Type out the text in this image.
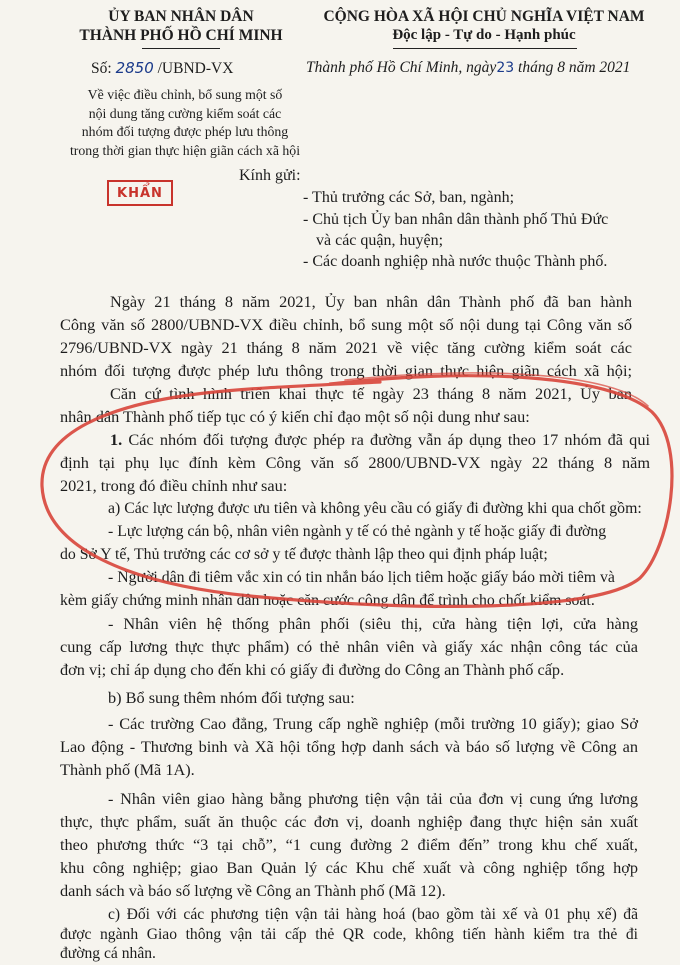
ỦY BAN NHÂN DÂN
THÀNH PHỐ HỒ CHÍ MINH
CỘNG HÒA XÃ HỘI CHỦ NGHĨA VIỆT NAM
Độc lập - Tự do - Hạnh phúc
Số: 2850 /UBND-VX	Thành phố Hồ Chí Minh, ngày23 tháng 8 năm 2021
Về việc điều chỉnh, bổ sung một số
nội dung tăng cường kiểm soát các
nhóm đối tượng được phép lưu thông
trong thời gian thực hiện giãn cách xã hội
KHẨN
Kính gửi:
- Thủ trưởng các Sở, ban, ngành;
- Chủ tịch Ủy ban nhân dân thành phố Thủ Đức
và các quận, huyện;
- Các doanh nghiệp nhà nước thuộc Thành phố.
Ngày 21 tháng 8 năm 2021, Ủy ban nhân dân Thành phố đã ban hành
Công văn số 2800/UBND-VX điều chỉnh, bổ sung một số nội dung tại Công văn số
2796/UBND-VX ngày 21 tháng 8 năm 2021 về việc tăng cường kiểm soát các
nhóm đối tượng được phép lưu thông trong thời gian thực hiện giãn cách xã hội;
Căn cứ tình hình triển khai thực tế ngày 23 tháng 8 năm 2021, Ủy ban
nhân dân Thành phố tiếp tục có ý kiến chỉ đạo một số nội dung như sau:
1. Các nhóm đối tượng được phép ra đường vẫn áp dụng theo 17 nhóm đã qui
định tại phụ lục đính kèm Công văn số 2800/UBND-VX ngày 22 tháng 8 năm
2021, trong đó điều chỉnh như sau:
a) Các lực lượng được ưu tiên và không yêu cầu có giấy đi đường khi qua chốt gồm:
- Lực lượng cán bộ, nhân viên ngành y tế có thẻ ngành y tế hoặc giấy đi đường
do Sở Y tế, Thủ trưởng các cơ sở y tế được thành lập theo qui định pháp luật;
- Người dân đi tiêm vắc xin có tin nhắn báo lịch tiêm hoặc giấy báo mời tiêm và
kèm giấy chứng minh nhân dân hoặc căn cước công dân để trình cho chốt kiểm soát.
- Nhân viên hệ thống phân phối (siêu thị, cửa hàng tiện lợi, cửa hàng
cung cấp lương thực thực phẩm) có thẻ nhân viên và giấy xác nhận công tác của
đơn vị; chỉ áp dụng cho đến khi có giấy đi đường do Công an Thành phố cấp.
b) Bổ sung thêm nhóm đối tượng sau:
- Các trường Cao đẳng, Trung cấp nghề nghiệp (mỗi trường 10 giấy); giao Sở
Lao động - Thương binh và Xã hội tổng hợp danh sách và báo số lượng về Công an
Thành phố (Mã 1A).
- Nhân viên giao hàng bằng phương tiện vận tải của đơn vị cung ứng lương
thực, thực phẩm, suất ăn thuộc các đơn vị, doanh nghiệp đang thực hiện sản xuất
theo phương thức “3 tại chỗ”, “1 cung đường 2 điểm đến” trong khu chế xuất,
khu công nghiệp; giao Ban Quản lý các Khu chế xuất và công nghiệp tổng hợp
danh sách và báo số lượng về Công an Thành phố (Mã 12).
c) Đối với các phương tiện vận tải hàng hoá (bao gồm tài xế và 01 phụ xế) đã
được ngành Giao thông vận tải cấp thẻ QR code, không tiến hành kiểm tra thẻ đi
đường cá nhân.
